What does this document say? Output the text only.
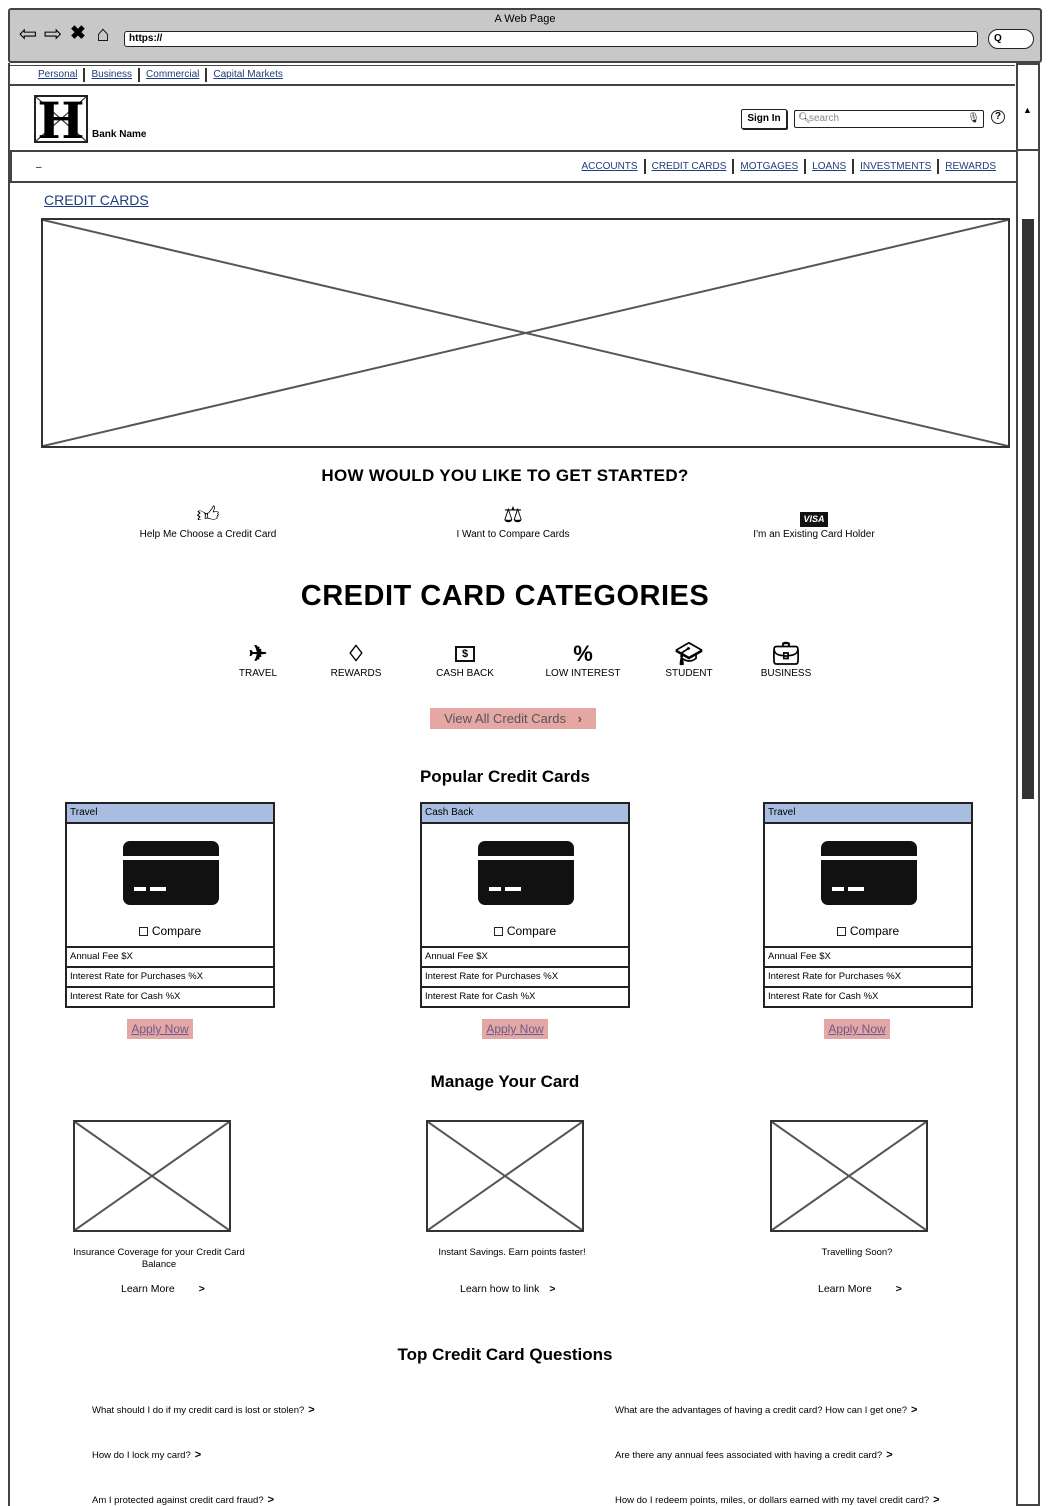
A Web Page
⇦ ⇨ ✖ ⌂	https://	Q
▲
Personal	Business	Commercial	Capital Markets
H Bank Name
Sign In	🔍︎
search	🎙︎	?
–	ACCOUNTS	CREDIT CARDS	MOTGAGES	LOANS	INVESTMENTS	REWARDS
CREDIT CARDS
HOW WOULD YOU LIKE TO GET STARTED?
👍︎
Help Me Choose a Credit Card
⚖︎
I Want to Compare Cards
VISA
I'm an Existing Card Holder
CREDIT CARD CATEGORIES
✈︎
TRAVEL
♢
REWARDS
$
CASH BACK
%
LOW INTEREST
🎓︎
STUDENT
💼︎
BUSINESS
View All Credit Cards ›
Popular Credit Cards
Travel
Compare
Annual Fee $X
Interest Rate for Purchases %X
Interest Rate for Cash %X
Cash Back
Compare
Annual Fee $X
Interest Rate for Purchases %X
Interest Rate for Cash %X
Travel
Compare
Annual Fee $X
Interest Rate for Purchases %X
Interest Rate for Cash %X
Apply Now	Apply Now	Apply Now
Manage Your Card
Insurance Coverage for your Credit Card Balance
Instant Savings. Earn points faster!	Travelling Soon?
Learn More >	Learn how to link >	Learn More >
Top Credit Card Questions
What should I do if my credit card is lost or stolen? >	What are the advantages of having a credit card? How can I get one? >
How do I lock my card? >	Are there any annual fees associated with having a credit card? >
Am I protected against credit card fraud? >	How do I redeem points, miles, or dollars earned with my tavel credit card? >
